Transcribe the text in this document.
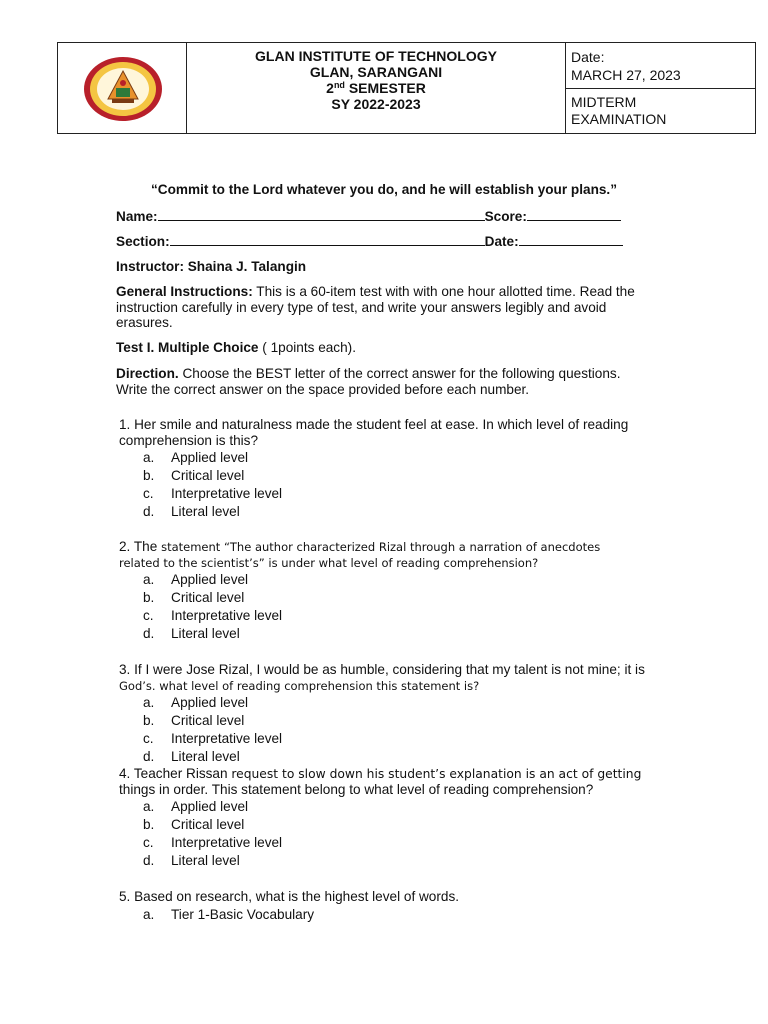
GLAN INSTITUTE OF TECHNOLOGY
GLAN, SARANGANI
2nd SEMESTER
SY 2022-2023
Date:
MARCH 27, 2023
MIDTERM
EXAMINATION
“Commit to the Lord whatever you do, and he will establish your plans.”
Name:	Score:
Section:	Date:
Instructor: Shaina J. Talangin
General Instructions: This is a 60-item test with with one hour allotted time. Read the
instruction carefully in every type of test, and write your answers legibly and avoid
erasures.
Test I. Multiple Choice ( 1points each).
Direction. Choose the BEST letter of the correct answer for the following questions.
Write the correct answer on the space provided before each number.
1. Her smile and naturalness made the student feel at ease. In which level of reading
comprehension is this?
a. Applied level
b. Critical level
c. Interpretative level
d. Literal level
2. The statement “The author characterized Rizal through a narration of anecdotes
related to the scientist’s” is under what level of reading comprehension?
a. Applied level
b. Critical level
c. Interpretative level
d. Literal level
3. If I were Jose Rizal, I would be as humble, considering that my talent is not mine; it is
God’s. what level of reading comprehension this statement is?
a. Applied level
b. Critical level
c. Interpretative level
d. Literal level
4. Teacher Rissan request to slow down his student’s explanation is an act of getting
things in order. This statement belong to what level of reading comprehension?
a. Applied level
b. Critical level
c. Interpretative level
d. Literal level
5. Based on research, what is the highest level of words.
a. Tier 1-Basic Vocabulary
